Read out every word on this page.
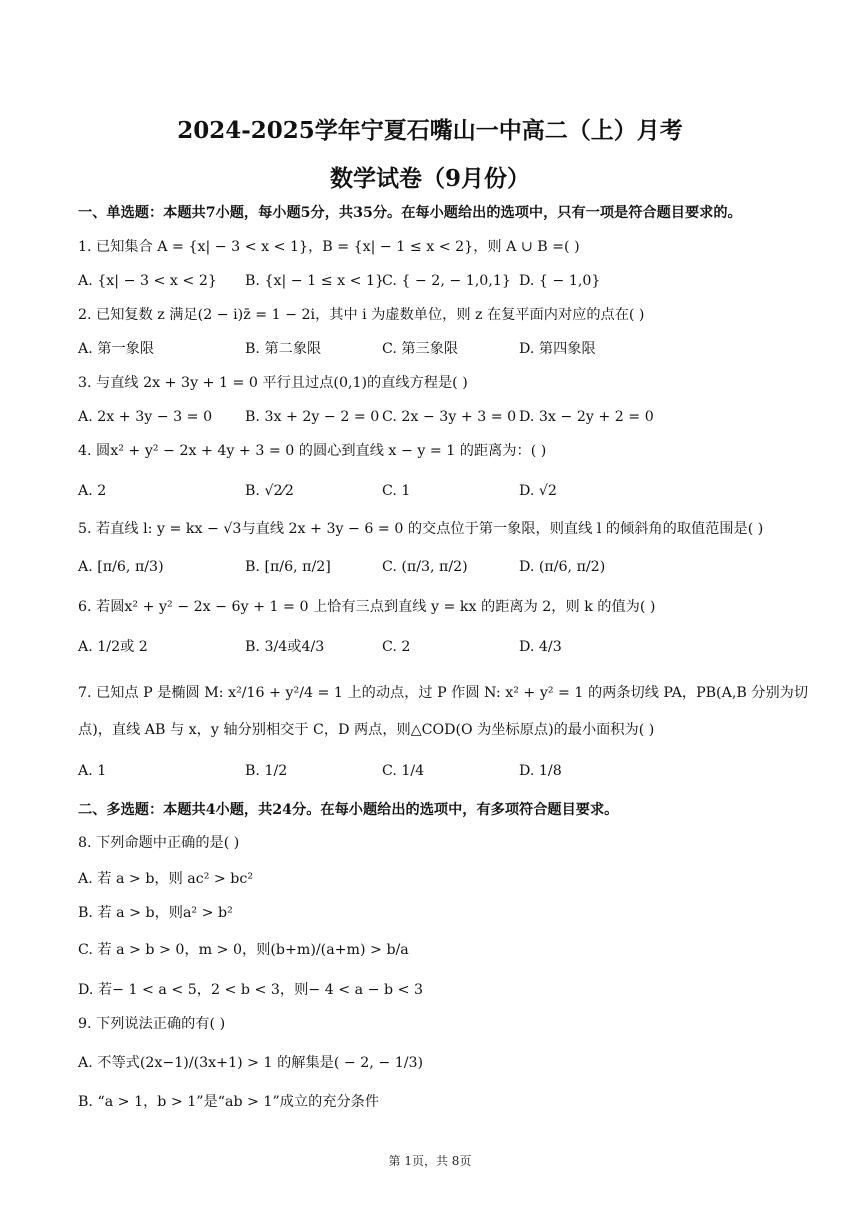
2024-2025学年宁夏石嘴山一中高二（上）月考
数学试卷（9月份）
一、单选题：本题共7小题，每小题5分，共35分。在每小题给出的选项中，只有一项是符合题目要求的。
1. 已知集合 A = {x| − 3 < x < 1}，B = {x| − 1 ≤ x < 2}，则 A ∪ B =( )
A. {x| − 3 < x < 2} B. {x| − 1 ≤ x < 1}
C. { − 2, − 1,0,1} D. { − 1,0}
2. 已知复数 z 满足(2 − i)z̄ = 1 − 2i，其中 i 为虚数单位，则 z 在复平面内对应的点在( )
A. 第一象限	B. 第二象限	C. 第三象限	D. 第四象限
3. 与直线 2x + 3y + 1 = 0 平行且过点(0,1)的直线方程是( )
A. 2x + 3y − 3 = 0 B. 3x + 2y − 2 = 0 C. 2x − 3y + 3 = 0 D. 3x − 2y + 2 = 0
4. 圆x² + y² − 2x + 4y + 3 = 0 的圆心到直线 x − y = 1 的距离为：( )
A. 2	B. √2⁄2	C. 1	D. √2
5. 若直线 l: y = kx − √3与直线 2x + 3y − 6 = 0 的交点位于第一象限，则直线 l 的倾斜角的取值范围是( )
A. [π/6, π/3)	B. [π/6, π/2]	C. (π/3, π/2)	D. (π/6, π/2)
6. 若圆x² + y² − 2x − 6y + 1 = 0 上恰有三点到直线 y = kx 的距离为 2，则 k 的值为( )
A. 1/2或 2	B. 3/4或4/3	C. 2	D. 4/3
7. 已知点 P 是椭圆 M: x²/16 + y²/4 = 1 上的动点，过 P 作圆 N: x² + y² = 1 的两条切线 PA，PB(A,B 分别为切
点)，直线 AB 与 x，y 轴分别相交于 C，D 两点，则△COD(O 为坐标原点)的最小面积为( )
A. 1	B. 1/2	C. 1/4	D. 1/8
二、多选题：本题共4小题，共24分。在每小题给出的选项中，有多项符合题目要求。
8. 下列命题中正确的是( )
A. 若 a > b，则 ac² > bc²
B. 若 a > b，则a² > b²
C. 若 a > b > 0，m > 0，则(b+m)/(a+m) > b/a
D. 若− 1 < a < 5，2 < b < 3，则− 4 < a − b < 3
9. 下列说法正确的有( )
A. 不等式(2x−1)/(3x+1) > 1 的解集是( − 2, − 1/3)
B. “a > 1，b > 1”是“ab > 1”成立的充分条件
第 1页，共 8页
